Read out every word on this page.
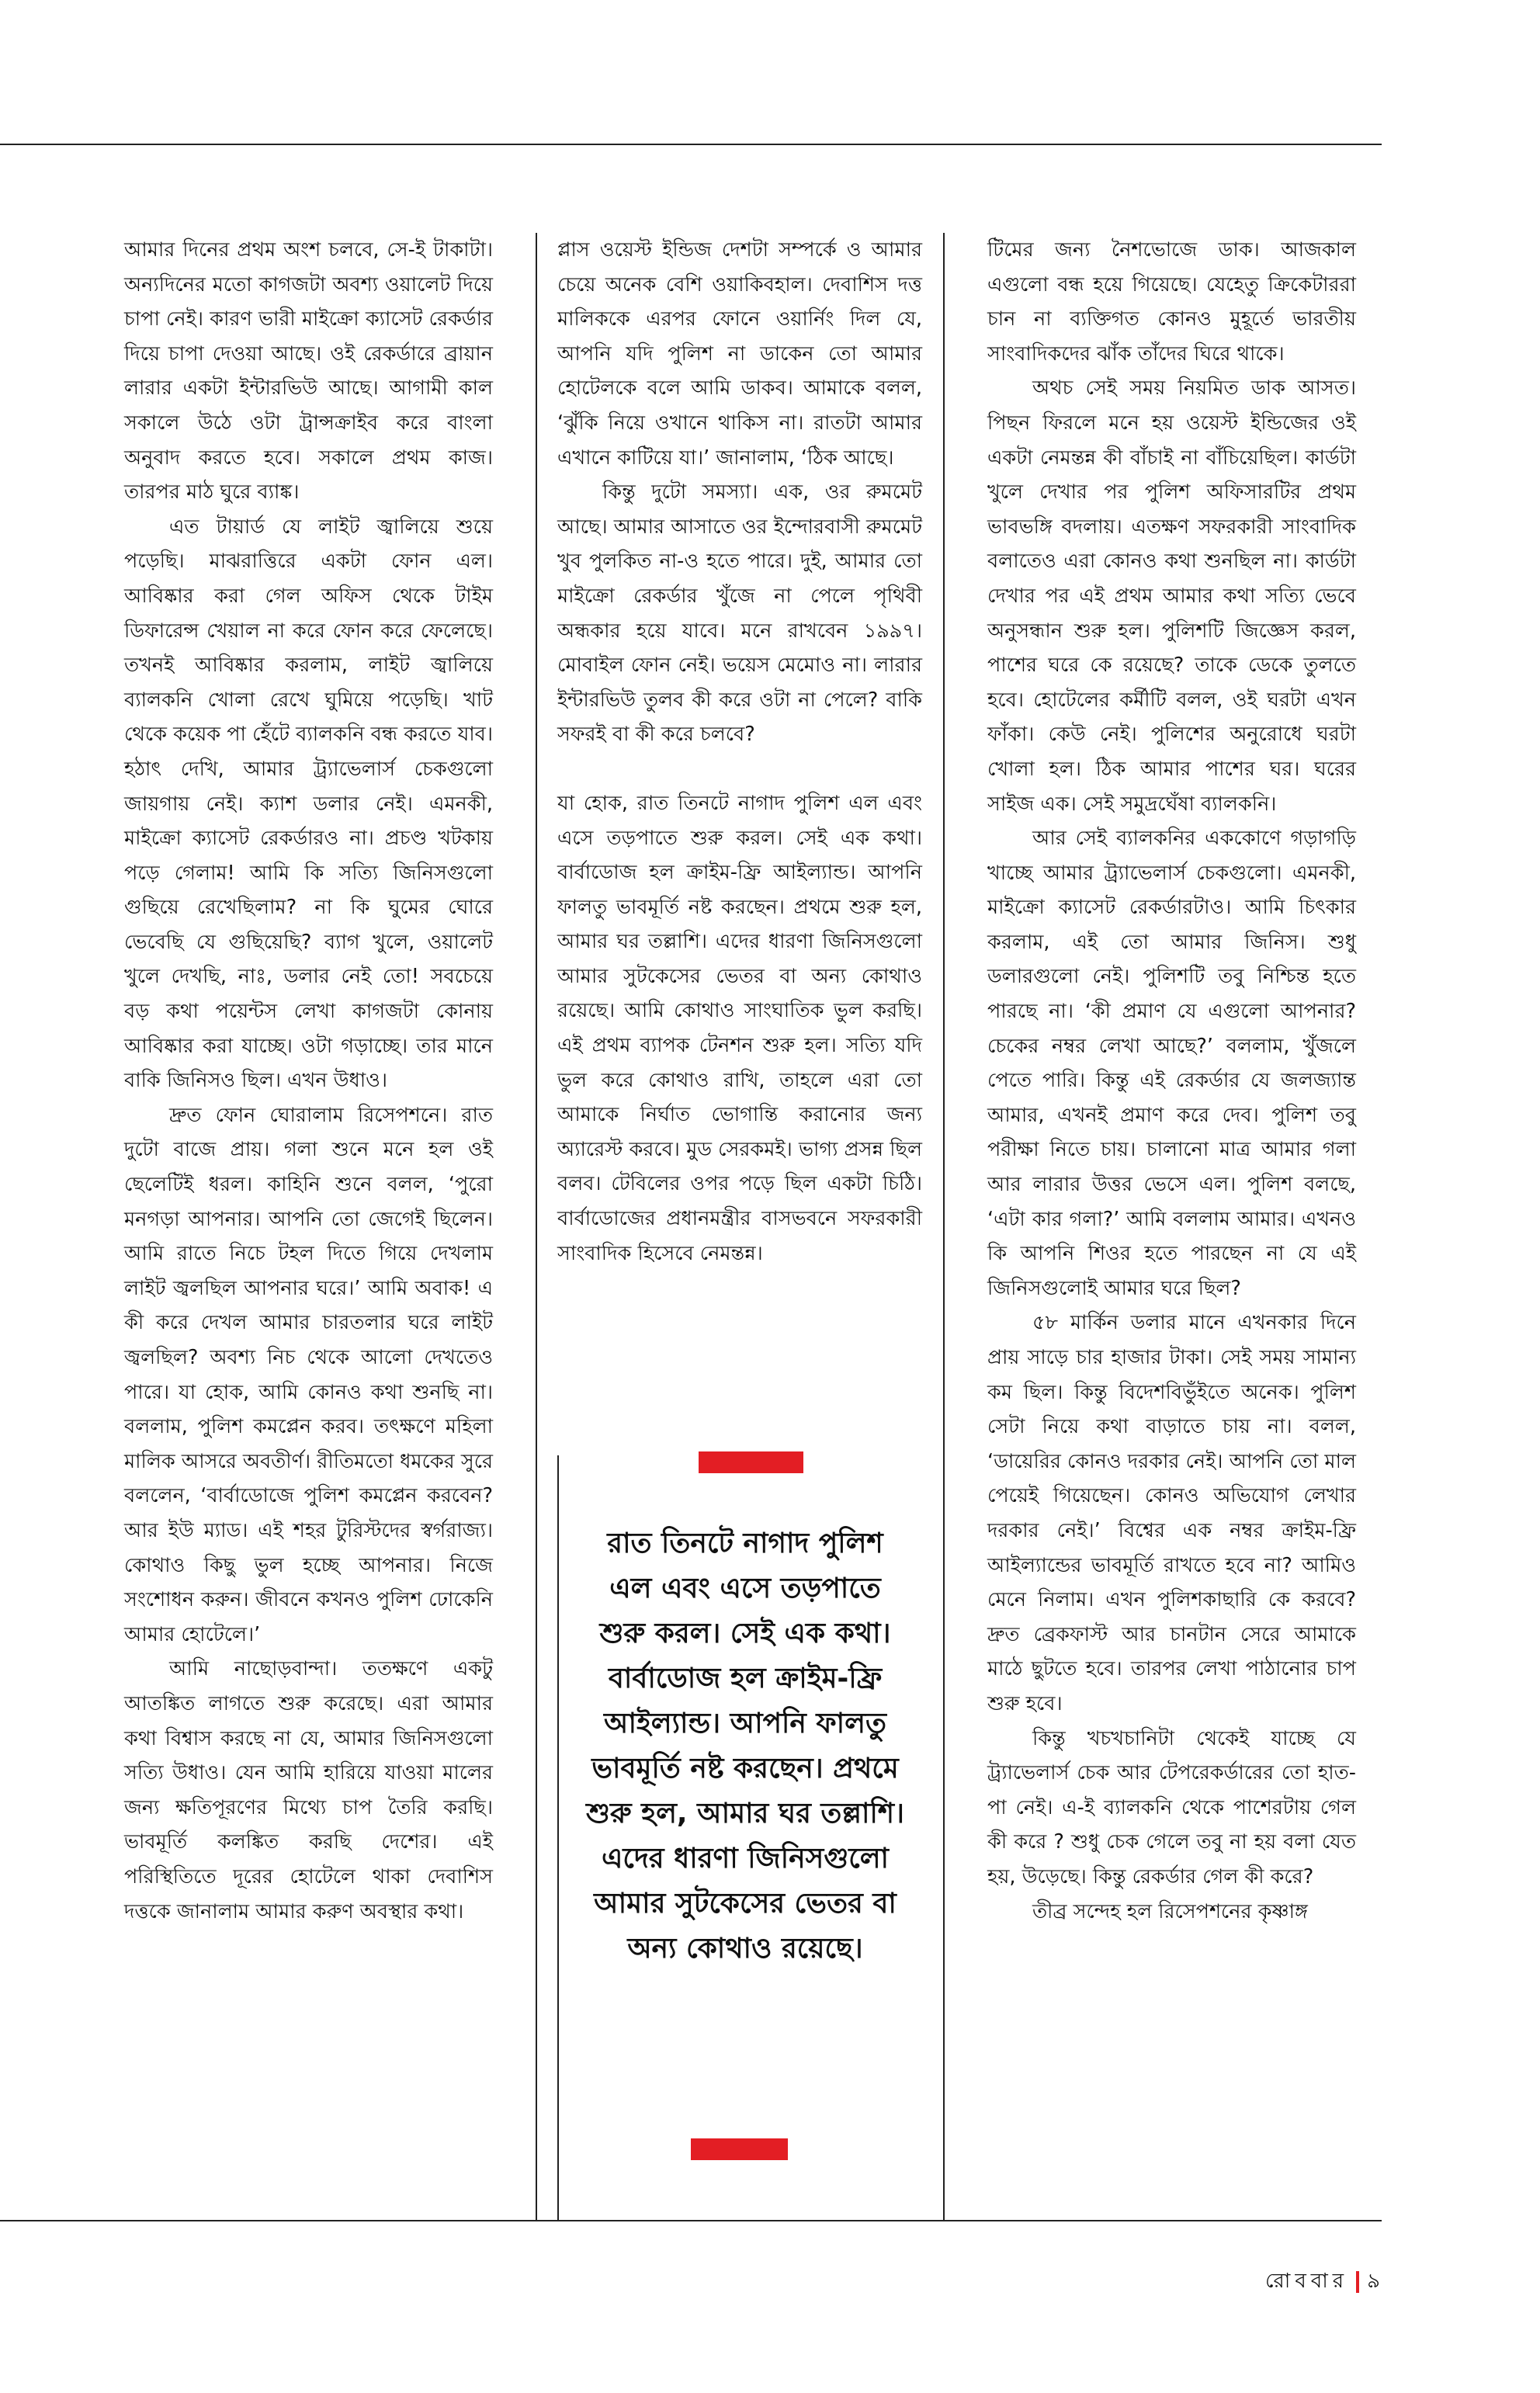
আমার দিনের প্রথম অংশ চলবে, সে-ই টাকাটা। অন্যদিনের মতো কাগজটা অবশ্য ওয়ালেট দিয়ে চাপা নেই। কারণ ভারী মাইক্রো ক্যাসেট রেকর্ডার দিয়ে চাপা দেওয়া আছে। ওই রেকর্ডারে ব্রায়ান লারার একটা ইন্টারভিউ আছে। আগামী কাল সকালে উঠে ওটা ট্রান্সক্রাইব করে বাংলা অনুবাদ করতে হবে। সকালে প্রথম কাজ। তারপর মাঠ ঘুরে ব্যাঙ্ক।

এত টায়ার্ড যে লাইট জ্বালিয়ে শুয়ে পড়েছি। মাঝরাত্তিরে একটা ফোন এল। আবিষ্কার করা গেল অফিস থেকে টাইম ডিফারেন্স খেয়াল না করে ফোন করে ফেলেছে। তখনই আবিষ্কার করলাম, লাইট জ্বালিয়ে ব্যালকনি খোলা রেখে ঘুমিয়ে পড়েছি। খাট থেকে কয়েক পা হেঁটে ব্যালকনি বন্ধ করতে যাব। হঠাৎ দেখি, আমার ট্র্যাভেলার্স চেকগুলো জায়গায় নেই। ক্যাশ ডলার নেই। এমনকী, মাইক্রো ক্যাসেট রেকর্ডারও না। প্রচণ্ড খটকায় পড়ে গেলাম! আমি কি সত্যি জিনিসগুলো গুছিয়ে রেখেছিলাম? না কি ঘুমের ঘোরে ভেবেছি যে গুছিয়েছি? ব্যাগ খুলে, ওয়ালেট খুলে দেখছি, নাঃ, ডলার নেই তো! সবচেয়ে বড় কথা পয়েন্টস লেখা কাগজটা কোনায় আবিষ্কার করা যাচ্ছে। ওটা গড়াচ্ছে। তার মানে বাকি জিনিসও ছিল। এখন উধাও।

দ্রুত ফোন ঘোরালাম রিসেপশনে। রাত দুটো বাজে প্রায়। গলা শুনে মনে হল ওই ছেলেটিই ধরল। কাহিনি শুনে বলল, ‘পুরো মনগড়া আপনার। আপনি তো জেগেই ছিলেন। আমি রাতে নিচে টহল দিতে গিয়ে দেখলাম লাইট জ্বলছিল আপনার ঘরে।’ আমি অবাক! এ কী করে দেখল আমার চারতলার ঘরে লাইট জ্বলছিল? অবশ্য নিচ থেকে আলো দেখতেও পারে। যা হোক, আমি কোনও কথা শুনছি না। বললাম, পুলিশ কমপ্লেন করব। তৎক্ষণে মহিলা মালিক আসরে অবতীর্ণ। রীতিমতো ধমকের সুরে বললেন, ‘বার্বাডোজে পুলিশ কমপ্লেন করবেন? আর ইউ ম্যাড। এই শহর টুরিস্টদের স্বর্গরাজ্য। কোথাও কিছু ভুল হচ্ছে আপনার। নিজে সংশোধন করুন। জীবনে কখনও পুলিশ ঢোকেনি আমার হোটেলে।’

আমি নাছোড়বান্দা। ততক্ষণে একটু আতঙ্কিত লাগতে শুরু করেছে। এরা আমার কথা বিশ্বাস করছে না যে, আমার জিনিসগুলো সত্যি উধাও। যেন আমি হারিয়ে যাওয়া মালের জন্য ক্ষতিপূরণের মিথ্যে চাপ তৈরি করছি। ভাবমূর্তি কলঙ্কিত করছি দেশের। এই পরিস্থিতিতে দূরের হোটেলে থাকা দেবাশিস দত্তকে জানালাম আমার করুণ অবস্থার কথা।

প্লাস ওয়েস্ট ইন্ডিজ দেশটা সম্পর্কে ও আমার চেয়ে অনেক বেশি ওয়াকিবহাল। দেবাশিস দত্ত মালিককে এরপর ফোনে ওয়ার্নিং দিল যে, আপনি যদি পুলিশ না ডাকেন তো আমার হোটেলকে বলে আমি ডাকব। আমাকে বলল, ‘ঝুঁকি নিয়ে ওখানে থাকিস না। রাতটা আমার এখানে কাটিয়ে যা।’ জানালাম, ‘ঠিক আছে।

কিন্তু দুটো সমস্যা। এক, ওর রুমমেট আছে। আমার আসাতে ওর ইন্দোরবাসী রুমমেট খুব পুলকিত না-ও হতে পারে। দুই, আমার তো মাইক্রো রেকর্ডার খুঁজে না পেলে পৃথিবী অন্ধকার হয়ে যাবে। মনে রাখবেন ১৯৯৭। মোবাইল ফোন নেই। ভয়েস মেমোও না। লারার ইন্টারভিউ তুলব কী করে ওটা না পেলে? বাকি সফরই বা কী করে চলবে?

যা হোক, রাত তিনটে নাগাদ পুলিশ এল এবং এসে তড়পাতে শুরু করল। সেই এক কথা। বার্বাডোজ হল ক্রাইম-ফ্রি আইল্যান্ড। আপনি ফালতু ভাবমূর্তি নষ্ট করছেন। প্রথমে শুরু হল, আমার ঘর তল্লাশি। এদের ধারণা জিনিসগুলো আমার সুটকেসের ভেতর বা অন্য কোথাও রয়েছে। আমি কোথাও সাংঘাতিক ভুল করছি। এই প্রথম ব্যাপক টেনশন শুরু হল। সত্যি যদি ভুল করে কোথাও রাখি, তাহলে এরা তো আমাকে নির্ঘাত ভোগান্তি করানোর জন্য অ্যারেস্ট করবে। মুড সেরকমই। ভাগ্য প্রসন্ন ছিল বলব। টেবিলের ওপর পড়ে ছিল একটা চিঠি। বার্বাডোজের প্রধানমন্ত্রীর বাসভবনে সফরকারী সাংবাদিক হিসেবে নেমন্তন্ন।

রাত তিনটে নাগাদ পুলিশ এল এবং এসে তড়পাতে শুরু করল। সেই এক কথা। বার্বাডোজ হল ক্রাইম-ফ্রি আইল্যান্ড। আপনি ফালতু ভাবমূর্তি নষ্ট করছেন। প্রথমে শুরু হল, আমার ঘর তল্লাশি। এদের ধারণা জিনিসগুলো আমার সুটকেসের ভেতর বা অন্য কোথাও রয়েছে।

টিমের জন্য নৈশভোজে ডাক। আজকাল এগুলো বন্ধ হয়ে গিয়েছে। যেহেতু ক্রিকেটাররা চান না ব্যক্তিগত কোনও মুহূর্তে ভারতীয় সাংবাদিকদের ঝাঁক তাঁদের ঘিরে থাকে।

অথচ সেই সময় নিয়মিত ডাক আসত। পিছন ফিরলে মনে হয় ওয়েস্ট ইন্ডিজের ওই একটা নেমন্তন্ন কী বাঁচাই না বাঁচিয়েছিল। কার্ডটা খুলে দেখার পর পুলিশ অফিসারটির প্রথম ভাবভঙ্গি বদলায়। এতক্ষণ সফরকারী সাংবাদিক বলাতেও এরা কোনও কথা শুনছিল না। কার্ডটা দেখার পর এই প্রথম আমার কথা সত্যি ভেবে অনুসন্ধান শুরু হল। পুলিশটি জিজ্ঞেস করল, পাশের ঘরে কে রয়েছে? তাকে ডেকে তুলতে হবে। হোটেলের কর্মীটি বলল, ওই ঘরটা এখন ফাঁকা। কেউ নেই। পুলিশের অনুরোধে ঘরটা খোলা হল। ঠিক আমার পাশের ঘর। ঘরের সাইজ এক। সেই সমুদ্রঘেঁষা ব্যালকনি।

আর সেই ব্যালকনির এককোণে গড়াগড়ি খাচ্ছে আমার ট্র্যাভেলার্স চেকগুলো। এমনকী, মাইক্রো ক্যাসেট রেকর্ডারটাও। আমি চিৎকার করলাম, এই তো আমার জিনিস। শুধু ডলারগুলো নেই। পুলিশটি তবু নিশ্চিন্ত হতে পারছে না। ‘কী প্রমাণ যে এগুলো আপনার? চেকের নম্বর লেখা আছে?’ বললাম, খুঁজলে পেতে পারি। কিন্তু এই রেকর্ডার যে জলজ্যান্ত আমার, এখনই প্রমাণ করে দেব। পুলিশ তবু পরীক্ষা নিতে চায়। চালানো মাত্র আমার গলা আর লারার উত্তর ভেসে এল। পুলিশ বলছে, ‘এটা কার গলা?’ আমি বললাম আমার। এখনও কি আপনি শিওর হতে পারছেন না যে এই জিনিসগুলোই আমার ঘরে ছিল?

৫৮ মার্কিন ডলার মানে এখনকার দিনে প্রায় সাড়ে চার হাজার টাকা। সেই সময় সামান্য কম ছিল। কিন্তু বিদেশবিভুঁইতে অনেক। পুলিশ সেটা নিয়ে কথা বাড়াতে চায় না। বলল, ‘ডায়েরির কোনও দরকার নেই। আপনি তো মাল পেয়েই গিয়েছেন। কোনও অভিযোগ লেখার দরকার নেই।’ বিশ্বের এক নম্বর ক্রাইম-ফ্রি আইল্যান্ডের ভাবমূর্তি রাখতে হবে না? আমিও মেনে নিলাম। এখন পুলিশকাছারি কে করবে? দ্রুত ব্রেকফাস্ট আর চানটান সেরে আমাকে মাঠে ছুটতে হবে। তারপর লেখা পাঠানোর চাপ শুরু হবে।

কিন্তু খচখচানিটা থেকেই যাচ্ছে যে ট্র্যাভেলার্স চেক আর টেপরেকর্ডারের তো হাত-পা নেই। এ-ই ব্যালকনি থেকে পাশেরটায় গেল কী করে ? শুধু চেক গেলে তবু না হয় বলা যেত হয়, উড়েছে। কিন্তু রেকর্ডার গেল কী করে?

তীব্র সন্দেহ হল রিসেপশনের কৃষ্ণাঙ্গ

রোববার ৯
